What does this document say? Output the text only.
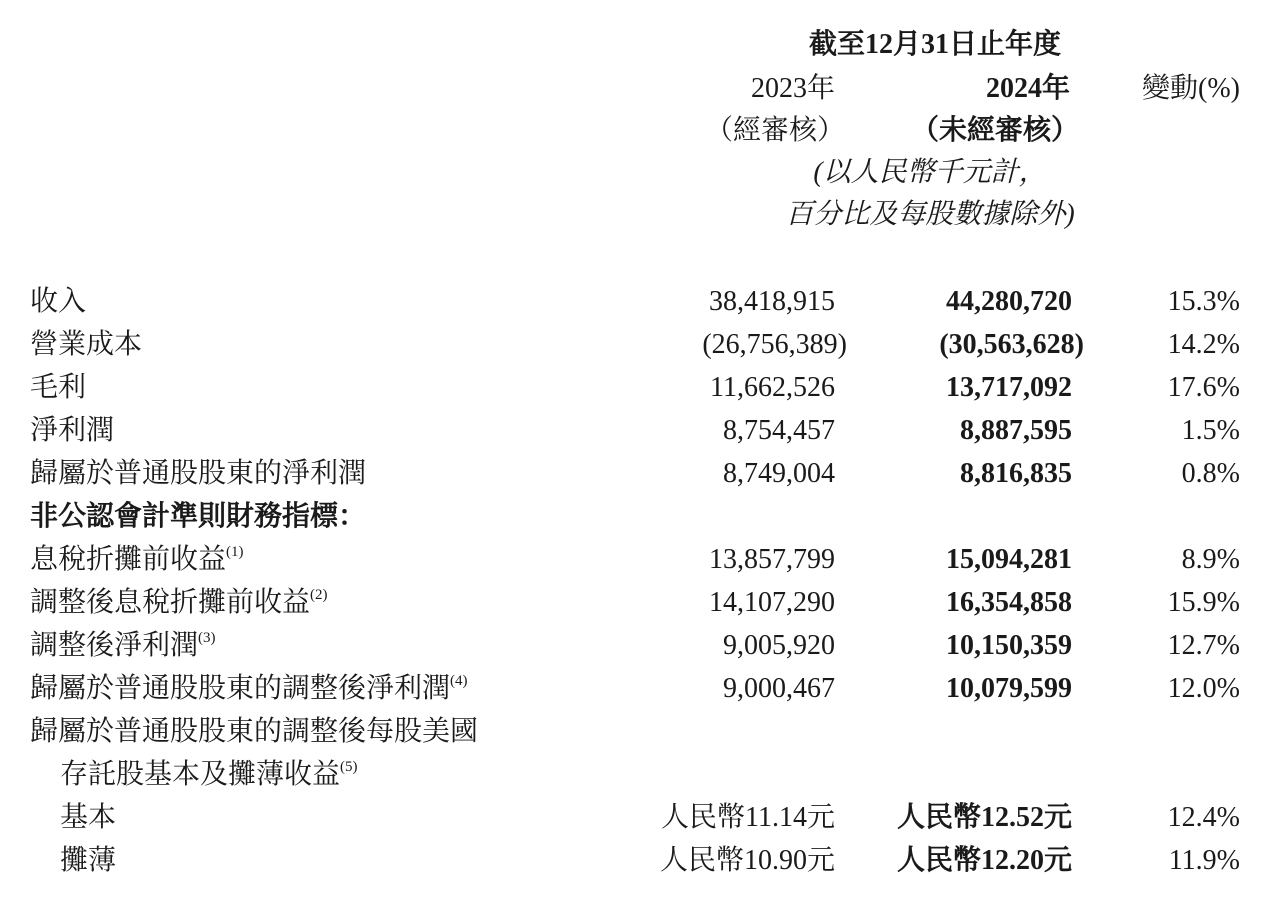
截至12月31日止年度
2023年	2024年	變動(%)
（經審核）	（未經審核）
(以人民幣千元計，
百分比及每股數據除外)
收入	38,418,915	44,280,720	15.3%
營業成本	(26,756,389)	(30,563,628)	14.2%
毛利	11,662,526	13,717,092	17.6%
淨利潤	8,754,457	8,887,595	1.5%
歸屬於普通股股東的淨利潤	8,749,004	8,816,835	0.8%
非公認會計準則財務指標：
息稅折攤前收益$^{(1)}$	13,857,799	15,094,281	8.9%
調整後息稅折攤前收益$^{(2)}$	14,107,290	16,354,858	15.9%
調整後淨利潤$^{(3)}$	9,005,920	10,150,359	12.7%
歸屬於普通股股東的調整後淨利潤$^{(4)}$	9,000,467	10,079,599	12.0%
歸屬於普通股股東的調整後每股美國
存託股基本及攤薄收益$^{(5)}$
基本	人民幣11.14元	人民幣12.52元	12.4%
攤薄	人民幣10.90元	人民幣12.20元	11.9%
